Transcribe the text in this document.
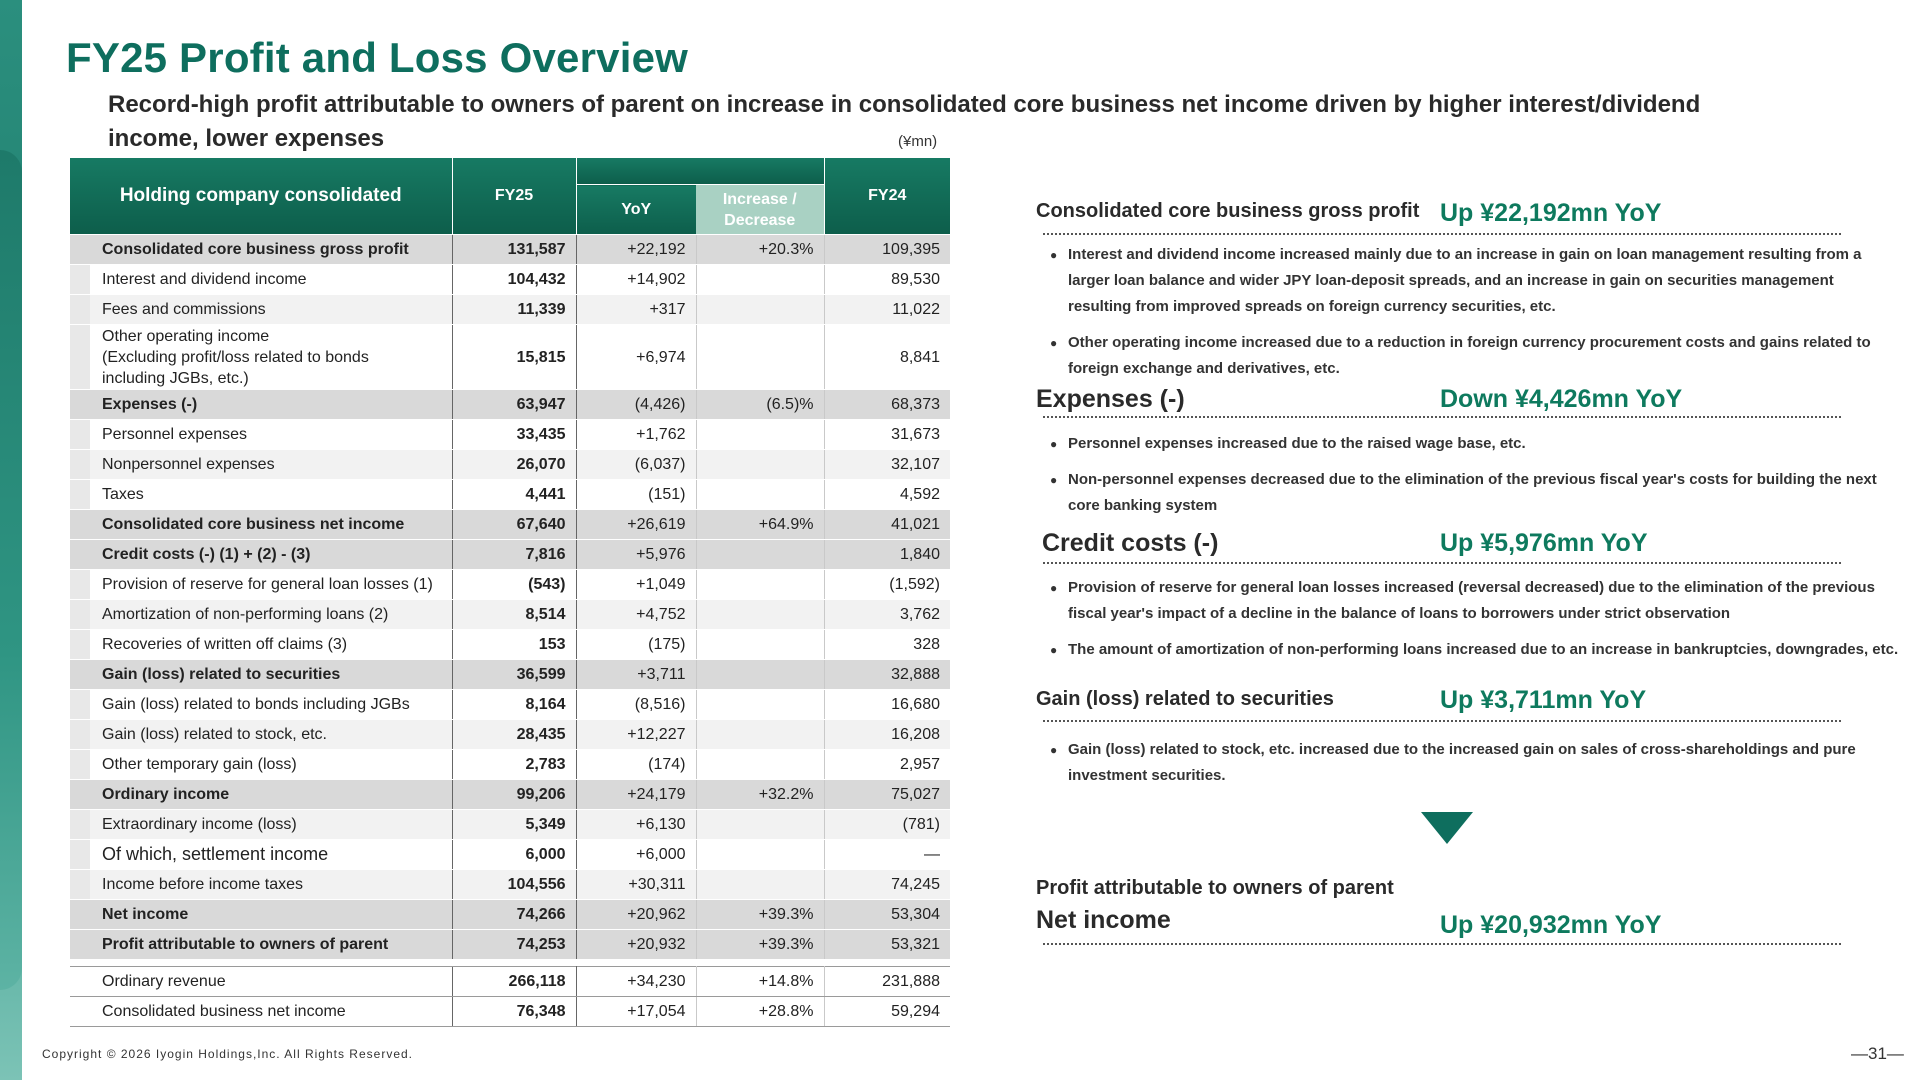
FY25 Profit and Loss Overview
Record-high profit attributable to owners of parent on increase in consolidated core business net income driven by higher interest/dividend income, lower expenses	(¥mn)
Holding company consolidated	FY25			FY24
		YoY	Increase / Decrease	
Consolidated core business gross profit	131,587	+22,192	+20.3%	109,395
Interest and dividend income	104,432	+14,902		89,530
Fees and commissions	11,339	+317		11,022

Other operating income
(Excluding profit/loss related to bonds
including JGBs, etc.)	15,815	+6,974		8,841
Expenses (-)	63,947	(4,426)	(6.5)%	68,373
Personnel expenses	33,435	+1,762		31,673
Nonpersonnel expenses	26,070	(6,037)		32,107
Taxes	4,441	(151)		4,592
Consolidated core business net income	67,640	+26,619	+64.9%	41,021
Credit costs (-) (1) + (2) - (3)	7,816	+5,976		1,840
Provision of reserve for general loan losses (1)	(543)	+1,049		(1,592)
Amortization of non-performing loans (2)	8,514	+4,752		3,762
Recoveries of written off claims (3)	153	(175)		328
Gain (loss) related to securities	36,599	+3,711		32,888
Gain (loss) related to bonds including JGBs	8,164	(8,516)		16,680
Gain (loss) related to stock, etc.	28,435	+12,227		16,208
Other temporary gain (loss)	2,783	(174)		2,957
Ordinary income	99,206	+24,179	+32.2%	75,027
Extraordinary income (loss)	5,349	+6,130		(781)
Of which, settlement income	6,000	+6,000		—
Income before income taxes	104,556	+30,311		74,245
Net income	74,266	+20,962	+39.3%	53,304
Profit attributable to owners of parent	74,253	+20,932	+39.3%	53,321
Ordinary revenue	266,118	+34,230	+14.8%	231,888
Consolidated business net income	76,348	+17,054	+28.8%	59,294
Consolidated core business gross profit Up ¥22,192mn YoY
● Interest and dividend income increased mainly due to an increase in gain on loan management resulting from a larger loan balance and wider JPY loan-deposit spreads, and an increase in gain on securities management resulting from improved spreads on foreign currency securities, etc.
● Other operating income increased due to a reduction in foreign currency procurement costs and gains related to foreign exchange and derivatives, etc.
Expenses (-)	Down ¥4,426mn YoY
● Personnel expenses increased due to the raised wage base, etc.
● Non-personnel expenses decreased due to the elimination of the previous fiscal year's costs for building the next core banking system
Credit costs (-)	Up ¥5,976mn YoY
● Provision of reserve for general loan losses increased (reversal decreased) due to the elimination of the previous fiscal year's impact of a decline in the balance of loans to borrowers under strict observation
● The amount of amortization of non-performing loans increased due to an increase in bankruptcies, downgrades, etc.
Gain (loss) related to securities	Up ¥3,711mn YoY
● Gain (loss) related to stock, etc. increased due to the increased gain on sales of cross-shareholdings and pure investment securities.
Profit attributable to owners of parent
Net income	Up ¥20,932mn YoY
Copyright © 2026 Iyogin Holdings,Inc. All Rights Reserved.	—31—
